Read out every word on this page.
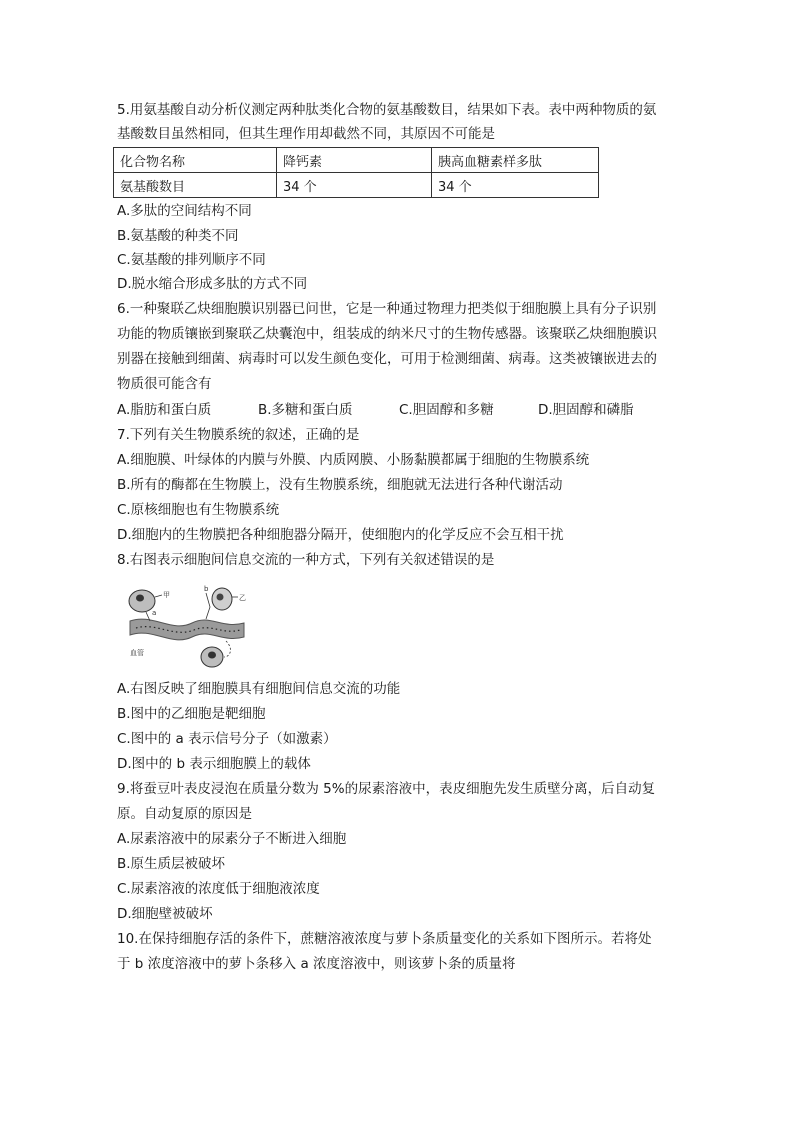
5.用氨基酸自动分析仪测定两种肽类化合物的氨基酸数目，结果如下表。表中两种物质的氨
基酸数目虽然相同，但其生理作用却截然不同，其原因不可能是
化合物名称	降钙素	胰高血糖素样多肽
氨基酸数目	34 个	34 个
A.多肽的空间结构不同
B.氨基酸的种类不同
C.氨基酸的排列顺序不同
D.脱水缩合形成多肽的方式不同
6.一种聚联乙炔细胞膜识别器已问世，它是一种通过物理力把类似于细胞膜上具有分子识别
功能的物质镶嵌到聚联乙炔囊泡中，组装成的纳米尺寸的生物传感器。该聚联乙炔细胞膜识
别器在接触到细菌、病毒时可以发生颜色变化，可用于检测细菌、病毒。这类被镶嵌进去的
物质很可能含有
A.脂肪和蛋白质	B.多糖和蛋白质	C.胆固醇和多糖	D.胆固醇和磷脂
7.下列有关生物膜系统的叙述，正确的是
A.细胞膜、叶绿体的内膜与外膜、内质网膜、小肠黏膜都属于细胞的生物膜系统
B.所有的酶都在生物膜上，没有生物膜系统，细胞就无法进行各种代谢活动
C.原核细胞也有生物膜系统
D.细胞内的生物膜把各种细胞器分隔开，使细胞内的化学反应不会互相干扰
8.右图表示细胞间信息交流的一种方式，下列有关叙述错误的是
甲
a
乙
b
血管
A.右图反映了细胞膜具有细胞间信息交流的功能
B.图中的乙细胞是靶细胞
C.图中的 a 表示信号分子（如激素）
D.图中的 b 表示细胞膜上的载体
9.将蚕豆叶表皮浸泡在质量分数为 5%的尿素溶液中，表皮细胞先发生质壁分离，后自动复
原。自动复原的原因是
A.尿素溶液中的尿素分子不断进入细胞
B.原生质层被破坏
C.尿素溶液的浓度低于细胞液浓度
D.细胞壁被破坏
10.在保持细胞存活的条件下，蔗糖溶液浓度与萝卜条质量变化的关系如下图所示。若将处
于 b 浓度溶液中的萝卜条移入 a 浓度溶液中，则该萝卜条的质量将
